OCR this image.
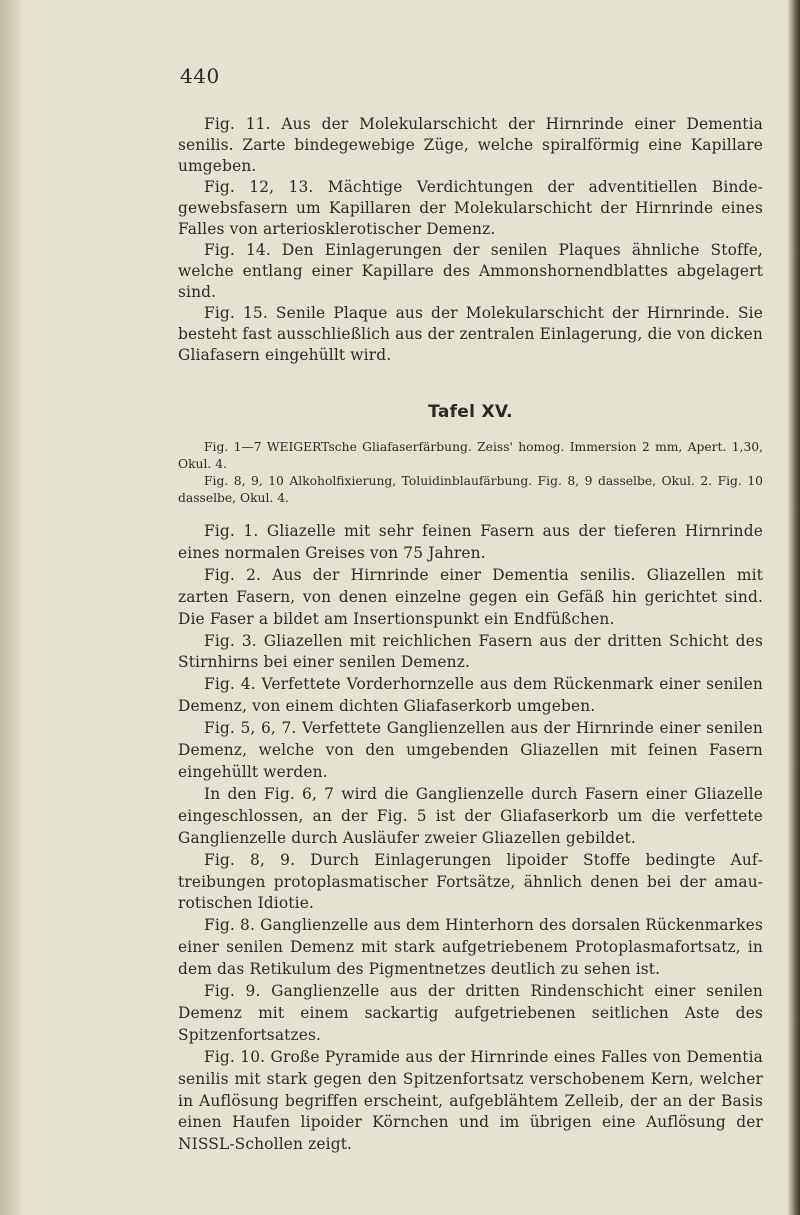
440

Fig. 11. Aus der Molekularschicht der Hirnrinde einer Dementia senilis. Zarte bindegewebige Züge, welche spiralförmig eine Kapillare umgeben.

Fig. 12, 13. Mächtige Verdichtungen der adventitiellen Bindegewebsfasern um Kapillaren der Molekularschicht der Hirnrinde eines Falles von arteriosklerotischer Demenz.

Fig. 14. Den Einlagerungen der senilen Plaques ähnliche Stoffe, welche entlang einer Kapillare des Ammonshornendblattes abgelagert sind.

Fig. 15. Senile Plaque aus der Molekularschicht der Hirnrinde. Sie besteht fast ausschließlich aus der zentralen Einlagerung, die von dicken Gliafasern eingehüllt wird.

Tafel XV.

Fig. 1—7 WEIGERTsche Gliafaserfärbung. Zeiss' homog. Immersion 2 mm, Apert. 1,30, Okul. 4.

Fig. 8, 9, 10 Alkoholfixierung, Toluidinblaufärbung. Fig. 8, 9 dasselbe, Okul. 2. Fig. 10 dasselbe, Okul. 4.

Fig. 1. Gliazelle mit sehr feinen Fasern aus der tieferen Hirnrinde eines normalen Greises von 75 Jahren.

Fig. 2. Aus der Hirnrinde einer Dementia senilis. Gliazellen mit zarten Fasern, von denen einzelne gegen ein Gefäß hin gerichtet sind. Die Faser a bildet am Insertionspunkt ein Endfüßchen.

Fig. 3. Gliazellen mit reichlichen Fasern aus der dritten Schicht des Stirnhirns bei einer senilen Demenz.

Fig. 4. Verfettete Vorderhornzelle aus dem Rückenmark einer senilen Demenz, von einem dichten Gliafaserkorb umgeben.

Fig. 5, 6, 7. Verfettete Ganglienzellen aus der Hirnrinde einer senilen Demenz, welche von den umgebenden Gliazellen mit feinen Fasern eingehüllt werden.

In den Fig. 6, 7 wird die Ganglienzelle durch Fasern einer Gliazelle eingeschlossen, an der Fig. 5 ist der Gliafaserkorb um die verfettete Ganglienzelle durch Ausläufer zweier Gliazellen gebildet.

Fig. 8, 9. Durch Einlagerungen lipoider Stoffe bedingte Auftreibungen protoplasmatischer Fortsätze, ähnlich denen bei der amaurotischen Idiotie.

Fig. 8. Ganglienzelle aus dem Hinterhorn des dorsalen Rückenmarkes einer senilen Demenz mit stark aufgetriebenem Protoplasmafortsatz, in dem das Retikulum des Pigmentnetzes deutlich zu sehen ist.

Fig. 9. Ganglienzelle aus der dritten Rindenschicht einer senilen Demenz mit einem sackartig aufgetriebenen seitlichen Aste des Spitzenfortsatzes.

Fig. 10. Große Pyramide aus der Hirnrinde eines Falles von Dementia senilis mit stark gegen den Spitzenfortsatz verschobenem Kern, welcher in Auflösung begriffen erscheint, aufgeblähtem Zelleib, der an der Basis einen Haufen lipoider Körnchen und im übrigen eine Auflösung der NISSL-Schollen zeigt.
